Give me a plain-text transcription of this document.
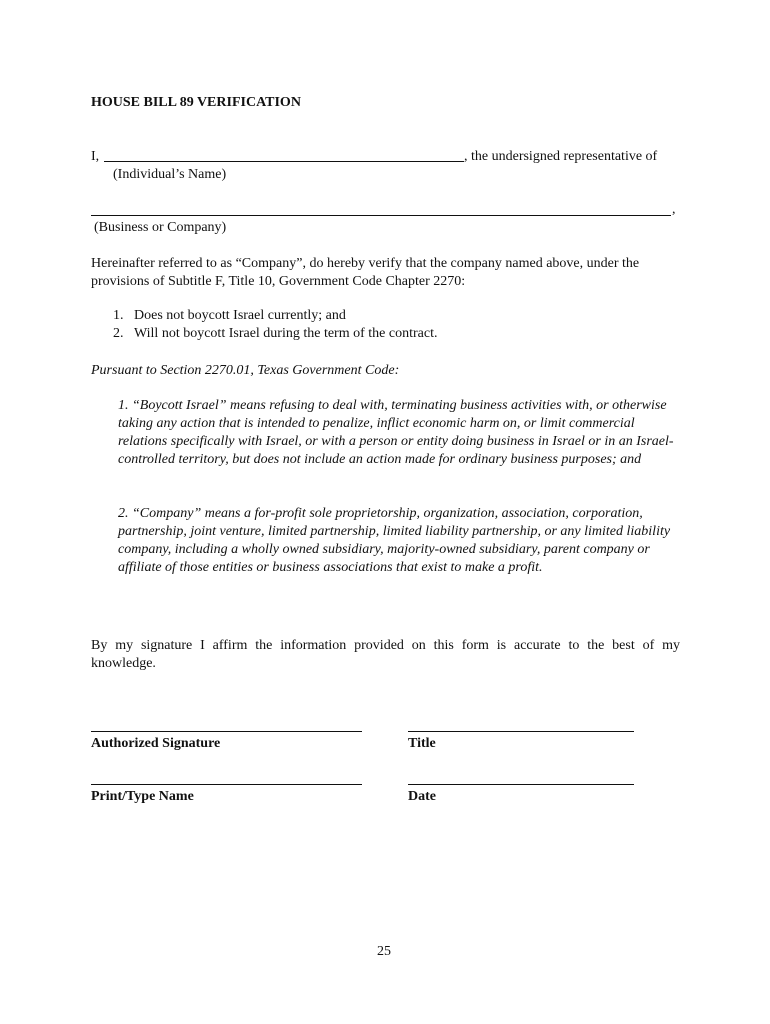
HOUSE BILL 89 VERIFICATION
I,	, the undersigned representative of
(Individual’s Name)
,
(Business or Company)
Hereinafter referred to as “Company”, do hereby verify that the company named above, under the provisions of Subtitle F, Title 10, Government Code Chapter 2270:
1. Does not boycott Israel currently; and
2. Will not boycott Israel during the term of the contract.
Pursuant to Section 2270.01, Texas Government Code:
1. “Boycott Israel” means refusing to deal with, terminating business activities with, or otherwise taking any action that is intended to penalize, inflict economic harm on, or limit commercial relations specifically with Israel, or with a person or entity doing business in Israel or in an Israel-controlled territory, but does not include an action made for ordinary business purposes; and
2. “Company” means a for-profit sole proprietorship, organization, association, corporation, partnership, joint venture, limited partnership, limited liability partnership, or any limited liability company, including a wholly owned subsidiary, majority-owned subsidiary, parent company or affiliate of those entities or business associations that exist to make a profit.
By my signature I affirm the information provided on this form is accurate to the best of my knowledge.
Authorized Signature	Title
Print/Type Name	Date
25
